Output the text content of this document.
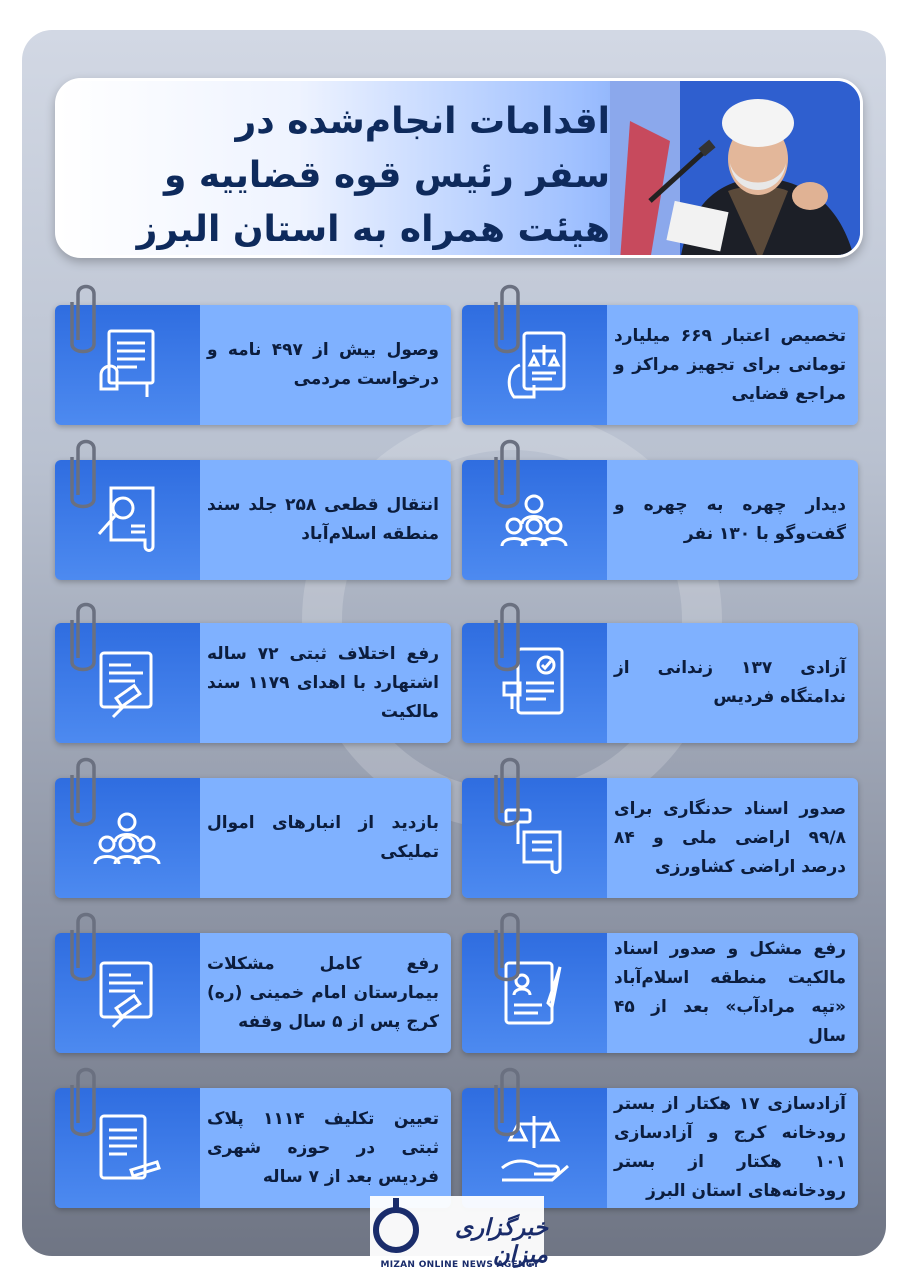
اقدامات انجام‌شده در
سفر رئیس قوه قضاییه و
هیئت همراه به استان البرز
تخصیص اعتبار ۶۶۹ میلیارد تومانی برای تجهیز مراکز و مراجع قضایی
وصول بیش از ۴۹۷ نامه و درخواست مردمی
دیدار چهره به چهره و گفت‌وگو با ۱۳۰ نفر
انتقال قطعی ۲۵۸ جلد سند منطقه اسلام‌آباد
آزادی ۱۳۷ زندانی از ندامتگاه فردیس
رفع اختلاف ثبتی ۷۲ ساله اشتهارد با اهدای ۱۱۷۹ سند مالکیت
صدور اسناد حدنگاری برای ۹۹/۸ اراضی ملی و ۸۴ درصد اراضی کشاورزی
بازدید از انبارهای اموال تملیکی
رفع مشکل و صدور اسناد مالکیت منطقه اسلام‌آباد «تپه مرادآب» بعد از ۴۵ سال
رفع کامل مشکلات بیمارستان امام خمینی (ره) کرج پس از ۵ سال وقفه
آزادسازی ۱۷ هکتار از بستر رودخانه کرج و آزادسازی ۱۰۱ هکتار از بستر رودخانه‌های استان البرز
تعیین تکلیف ۱۱۱۴ پلاک ثبتی در حوزه شهری فردیس بعد از ۷ ساله
خبرگزاری میزان
MIZAN ONLINE NEWS AGENCY
